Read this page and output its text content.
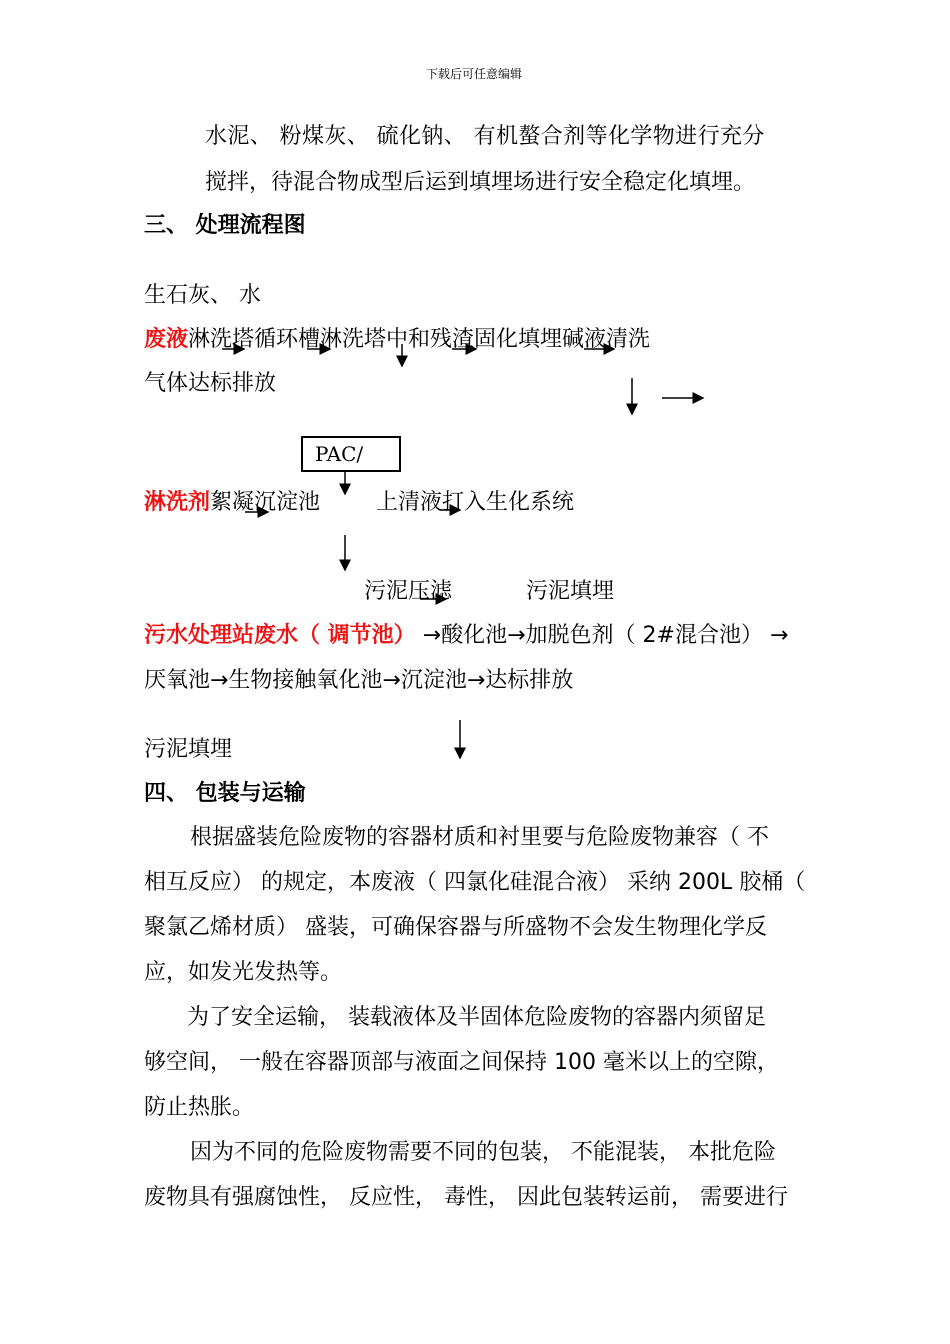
下载后可任意编辑
水泥、 粉煤灰、 硫化钠、 有机螯合剂等化学物进行充分
搅拌，待混合物成型后运到填埋场进行安全稳定化填埋。
三、 处理流程图
生石灰、 水
废液淋洗塔循环槽淋洗塔中和残渣固化填埋碱液清洗
气体达标排放
PAC/
淋洗剂絮凝沉淀池	上清液打入生化系统
污泥压滤	污泥填埋
污水处理站废水（ 调节池） →酸化池→加脱色剂（ 2#混合池） →
厌氧池→生物接触氧化池→沉淀池→达标排放
污泥填埋
四、 包装与运输
根据盛装危险废物的容器材质和衬里要与危险废物兼容（ 不
相互反应） 的规定，本废液（ 四氯化硅混合液） 采纳 200L 胶桶（
聚氯乙烯材质） 盛装，可确保容器与所盛物不会发生物理化学反
应，如发光发热等。
为了安全运输， 装载液体及半固体危险废物的容器内须留足
够空间， 一般在容器顶部与液面之间保持 100 毫米以上的空隙，
防止热胀。
因为不同的危险废物需要不同的包装， 不能混装， 本批危险
废物具有强腐蚀性， 反应性， 毒性， 因此包装转运前， 需要进行
